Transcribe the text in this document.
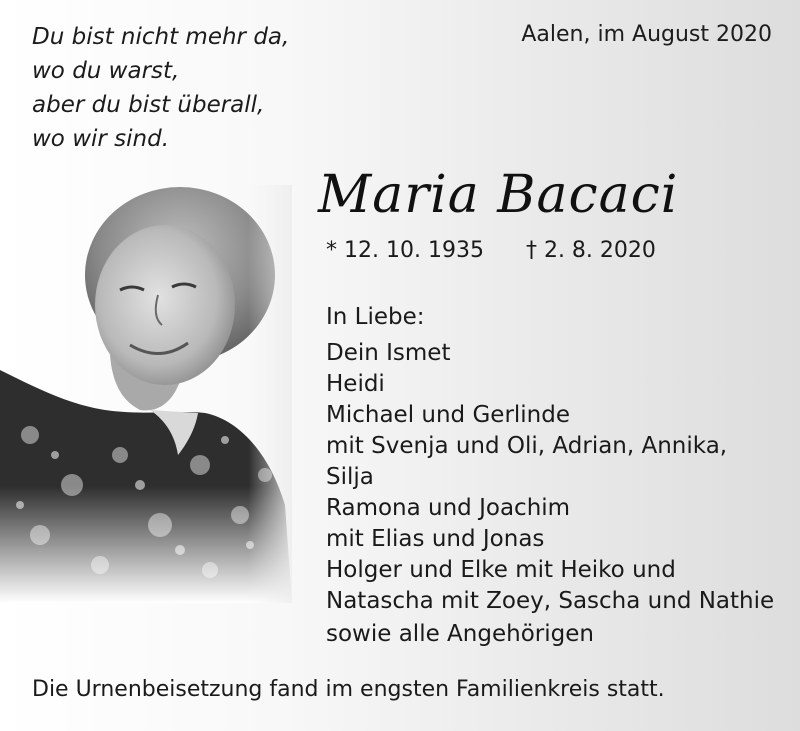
Du bist nicht mehr da,
wo du warst,
aber du bist überall,
wo wir sind.
Aalen, im August 2020
Maria Bacaci
* 12. 10. 1935 † 2. 8. 2020
In Liebe:
Dein Ismet
Heidi
Michael und Gerlinde
mit Svenja und Oli, Adrian, Annika,
Silja
Ramona und Joachim
mit Elias und Jonas
Holger und Elke mit Heiko und
Natascha mit Zoey, Sascha und Nathie
sowie alle Angehörigen
Die Urnenbeisetzung fand im engsten Familienkreis statt.
